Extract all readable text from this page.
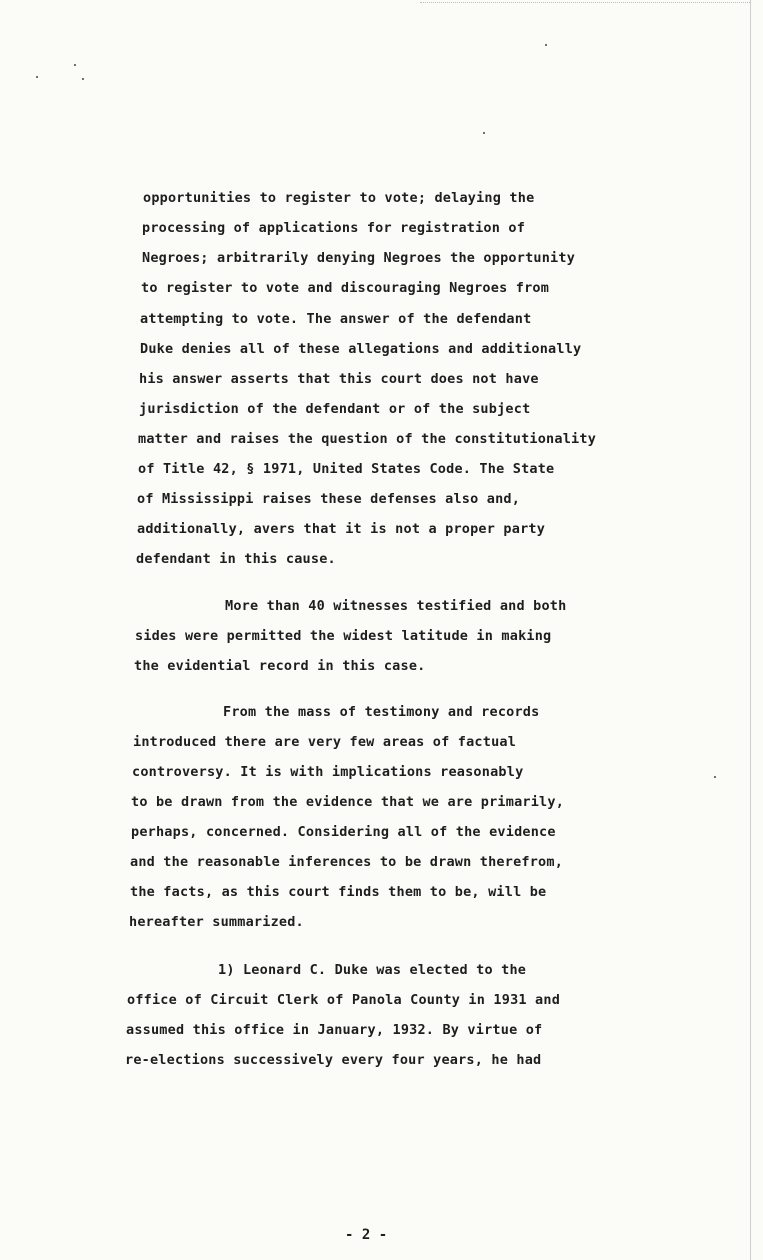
opportunities to register to vote; delaying the
processing of applications for registration of
Negroes; arbitrarily denying Negroes the opportunity
to register to vote and discouraging Negroes from
attempting to vote. The answer of the defendant
Duke denies all of these allegations and additionally
his answer asserts that this court does not have
jurisdiction of the defendant or of the subject
matter and raises the question of the constitutionality
of Title 42, § 1971, United States Code. The State
of Mississippi raises these defenses also and,
additionally, avers that it is not a proper party
defendant in this cause.
More than 40 witnesses testified and both
sides were permitted the widest latitude in making
the evidential record in this case.
From the mass of testimony and records
introduced there are very few areas of factual
controversy. It is with implications reasonably
to be drawn from the evidence that we are primarily,
perhaps, concerned. Considering all of the evidence
and the reasonable inferences to be drawn therefrom,
the facts, as this court finds them to be, will be
hereafter summarized.
1) Leonard C. Duke was elected to the
office of Circuit Clerk of Panola County in 1931 and
assumed this office in January, 1932. By virtue of
re-elections successively every four years, he had
- 2 -
